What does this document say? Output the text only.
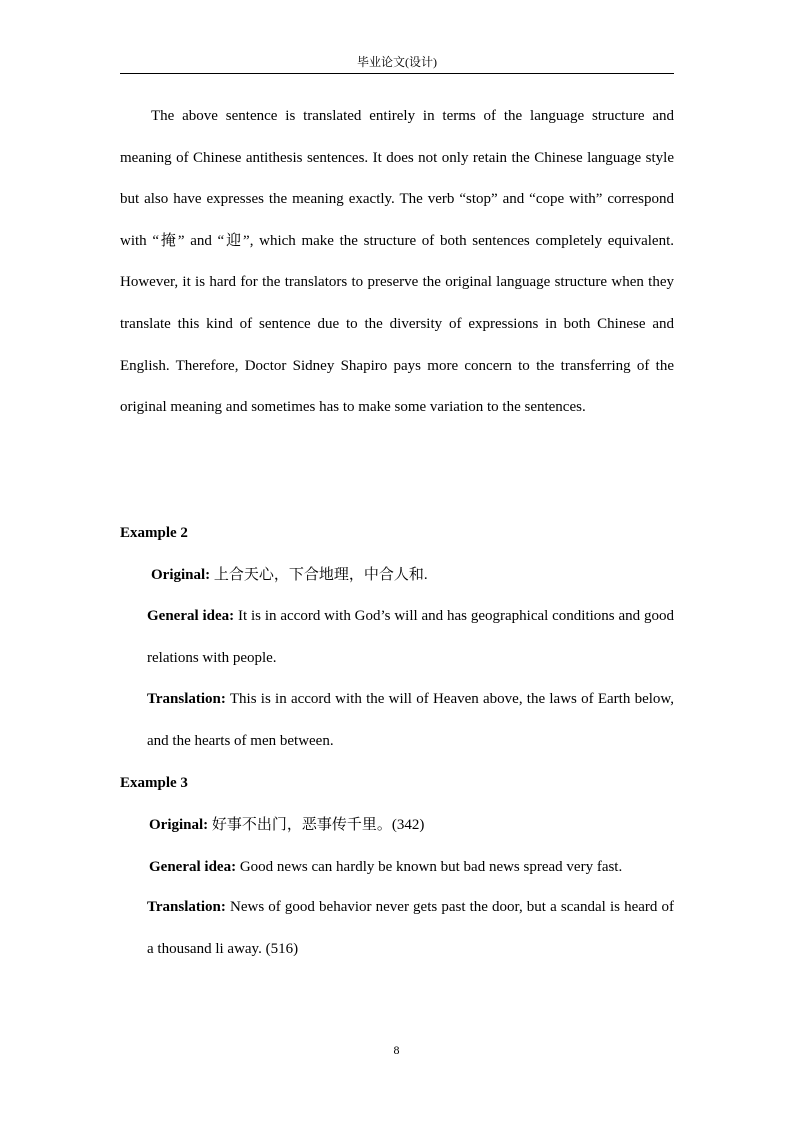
毕业论文(设计)

The above sentence is translated entirely in terms of the language structure and meaning of Chinese antithesis sentences. It does not only retain the Chinese language style but also have expresses the meaning exactly. The verb “stop” and “cope with” correspond with “掩” and “迎”, which make the structure of both sentences completely equivalent. However, it is hard for the translators to preserve the original language structure when they translate this kind of sentence due to the diversity of expressions in both Chinese and English. Therefore, Doctor Sidney Shapiro pays more concern to the transferring of the original meaning and sometimes has to make some variation to the sentences.

Example 2
Original: 上合天心，下合地理，中合人和.

General idea: It is in accord with God’s will and has geographical conditions and good relations with people.

Translation: This is in accord with the will of Heaven above, the laws of Earth below, and the hearts of men between.

Example 3
Original: 好事不出门，恶事传千里。(342)
General idea: Good news can hardly be known but bad news spread very fast.

Translation: News of good behavior never gets past the door, but a scandal is heard of a thousand li away. (516)

8
